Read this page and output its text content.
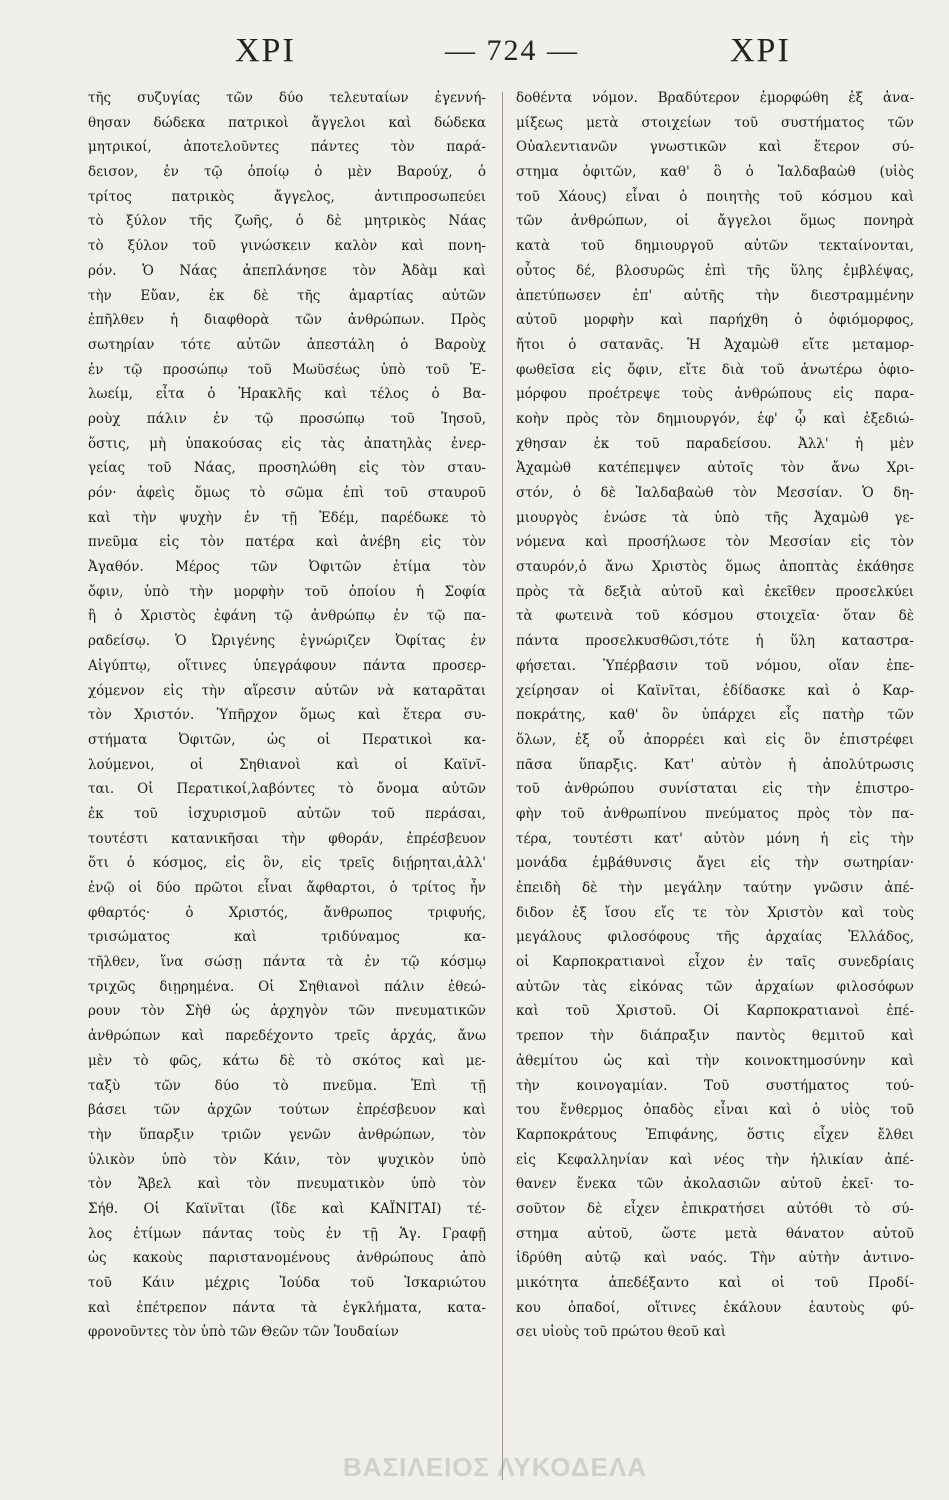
ΧΡΙ	— 724 —	ΧΡΙ
τῆς συζυγίας τῶν δύο τελευταίων ἐγεννή-
θησαν δώδεκα πατρικοὶ ἄγγελοι καὶ δώδεκα
μητρικοί, ἀποτελοῦντες πάντες τὸν παρά-
δεισον, ἐν τῷ ὁποίῳ ὁ μὲν Βαρούχ, ὁ
τρίτος πατρικὸς ἄγγελος, ἀντιπροσωπεύει
τὸ ξύλον τῆς ζωῆς, ὁ δὲ μητρικὸς Νάας
τὸ ξύλον τοῦ γινώσκειν καλὸν καὶ πονη-
ρόν. Ὁ Νάας ἀπεπλάνησε τὸν Ἀδὰμ καὶ
τὴν Εὔαν, ἐκ δὲ τῆς ἁμαρτίας αὐτῶν
ἐπῆλθεν ἡ διαφθορὰ τῶν ἀνθρώπων. Πρὸς
σωτηρίαν τότε αὐτῶν ἀπεστάλη ὁ Βαροὺχ
ἐν τῷ προσώπῳ τοῦ Μωϋσέως ὑπὸ τοῦ Ἐ-
λωείμ, εἶτα ὁ Ἡρακλῆς καὶ τέλος ὁ Βα-
ροὺχ πάλιν ἐν τῷ προσώπῳ τοῦ Ἰησοῦ,
ὅστις, μὴ ὑπακούσας εἰς τὰς ἀπατηλὰς ἐνερ-
γείας τοῦ Νάας, προσηλώθη εἰς τὸν σταυ-
ρόν· ἀφεὶς ὅμως τὸ σῶμα ἐπὶ τοῦ σταυροῦ
καὶ τὴν ψυχὴν ἐν τῇ Ἐδέμ, παρέδωκε τὸ
πνεῦμα εἰς τὸν πατέρα καὶ ἀνέβη εἰς τὸν
Ἀγαθόν. Μέρος τῶν Ὀφιτῶν ἐτίμα τὸν
ὄφιν, ὑπὸ τὴν μορφὴν τοῦ ὁποίου ἡ Σοφία
ἢ ὁ Χριστὸς ἐφάνη τῷ ἀνθρώπῳ ἐν τῷ πα-
ραδείσῳ. Ὁ Ὠριγένης ἐγνώριζεν Ὀφίτας ἐν
Αἰγύπτῳ, οἵτινες ὑπεγράφουν πάντα προσερ-
χόμενον εἰς τὴν αἵρεσιν αὐτῶν νὰ καταρᾶται
τὸν Χριστόν. Ὑπῆρχον ὅμως καὶ ἕτερα συ-
στήματα Ὀφιτῶν, ὡς οἱ Περατικοὶ κα-
λούμενοι, οἱ Σηθιανοὶ καὶ οἱ Καϊνῖ-
ται. Οἱ Περατικοί,λαβόντες τὸ ὄνομα αὐτῶν
ἐκ τοῦ ἰσχυρισμοῦ αὐτῶν τοῦ περάσαι,
τουτέστι κατανικῆσαι τὴν φθοράν, ἐπρέσβευον
ὅτι ὁ κόσμος, εἰς ὃν, εἰς τρεῖς διῄρηται,ἀλλ'
ἐνῷ οἱ δύο πρῶτοι εἶναι ἄφθαρτοι, ὁ τρίτος ἦν
φθαρτός· ὁ Χριστός, ἄνθρωπος τριφυής,
τρισώματος καὶ τριδύναμος κα-
τῆλθεν, ἵνα σώσῃ πάντα τὰ ἐν τῷ κόσμῳ
τριχῶς διῃρημένα. Οἱ Σηθιανοὶ πάλιν ἐθεώ-
ρουν τὸν Σὴθ ὡς ἀρχηγὸν τῶν πνευματικῶν
ἀνθρώπων καὶ παρεδέχοντο τρεῖς ἀρχάς, ἄνω
μὲν τὸ φῶς, κάτω δὲ τὸ σκότος καὶ με-
ταξὺ τῶν δύο τὸ πνεῦμα. Ἐπὶ τῇ
βάσει τῶν ἀρχῶν τούτων ἐπρέσβευον καὶ
τὴν ὕπαρξιν τριῶν γενῶν ἀνθρώπων, τὸν
ὑλικὸν ὑπὸ τὸν Κάιν, τὸν ψυχικὸν ὑπὸ
τὸν Ἄβελ καὶ τὸν πνευματικὸν ὑπὸ τὸν
Σήθ. Οἱ Καϊνῖται (ἴδε καὶ ΚΑΪΝΙΤΑΙ) τέ-
λος ἐτίμων πάντας τοὺς ἐν τῇ Ἁγ. Γραφῇ
ὡς κακοὺς παριστανομένους ἀνθρώπους ἀπὸ
τοῦ Κάιν μέχρις Ἰούδα τοῦ Ἰσκαριώτου
καὶ ἐπέτρεπον πάντα τὰ ἐγκλήματα, κατα-
φρονοῦντες τὸν ὑπὸ τῶν Θεῶν τῶν Ἰουδαίων
δοθέντα νόμον. Βραδύτερον ἐμορφώθη ἐξ ἀνα-
μίξεως μετὰ στοιχείων τοῦ συστήματος τῶν
Οὐαλεντιανῶν γνωστικῶν καὶ ἕτερον σύ-
στημα ὀφιτῶν, καθ' ὃ ὁ Ἰαλδαβαὼθ (υἱὸς
τοῦ Χάους) εἶναι ὁ ποιητὴς τοῦ κόσμου καὶ
τῶν ἀνθρώπων, οἱ ἄγγελοι ὅμως πονηρὰ
κατὰ τοῦ δημιουργοῦ αὐτῶν τεκταίνονται,
οὗτος δέ, βλοσυρῶς ἐπὶ τῆς ὕλης ἐμβλέψας,
ἀπετύπωσεν ἐπ' αὐτῆς τὴν διεστραμμένην
αὐτοῦ μορφὴν καὶ παρήχθη ὁ ὀφιόμορφος,
ἤτοι ὁ σατανᾶς. Ἡ Ἀχαμὼθ εἴτε μεταμορ-
φωθεῖσα εἰς ὄφιν, εἴτε διὰ τοῦ ἀνωτέρω ὀφιο-
μόρφου προέτρεψε τοὺς ἀνθρώπους εἰς παρα-
κοὴν πρὸς τὸν δημιουργόν, ἐφ' ᾧ καὶ ἐξεδιώ-
χθησαν ἐκ τοῦ παραδείσου. Ἀλλ' ἡ μὲν
Ἀχαμὼθ κατέπεμψεν αὐτοῖς τὸν ἄνω Χρι-
στόν, ὁ δὲ Ἰαλδαβαὼθ τὸν Μεσσίαν. Ὁ δη-
μιουργὸς ἑνώσε τὰ ὑπὸ τῆς Ἀχαμὼθ γε-
νόμενα καὶ προσήλωσε τὸν Μεσσίαν εἰς τὸν
σταυρόν,ὁ ἄνω Χριστὸς ὅμως ἀποπτὰς ἐκάθησε
πρὸς τὰ δεξιὰ αὐτοῦ καὶ ἐκεῖθεν προσελκύει
τὰ φωτεινὰ τοῦ κόσμου στοιχεῖα· ὅταν δὲ
πάντα προσελκυσθῶσι,τότε ἡ ὕλη καταστρα-
φήσεται. Ὑπέρβασιν τοῦ νόμου, οἵαν ἐπε-
χείρησαν οἱ Καϊνῖται, ἐδίδασκε καὶ ὁ Καρ-
ποκράτης, καθ' ὃν ὑπάρχει εἷς πατὴρ τῶν
ὅλων, ἐξ οὗ ἀπορρέει καὶ εἰς ὃν ἐπιστρέφει
πᾶσα ὕπαρξις. Κατ' αὐτὸν ἡ ἀπολύτρωσις
τοῦ ἀνθρώπου συνίσταται εἰς τὴν ἐπιστρο-
φὴν τοῦ ἀνθρωπίνου πνεύματος πρὸς τὸν πα-
τέρα, τουτέστι κατ' αὐτὸν μόνη ἡ εἰς τὴν
μονάδα ἐμβάθυνσις ἄγει εἰς τὴν σωτηρίαν·
ἐπειδὴ δὲ τὴν μεγάλην ταύτην γνῶσιν ἀπέ-
διδον ἐξ ἴσου εἴς τε τὸν Χριστὸν καὶ τοὺς
μεγάλους φιλοσόφους τῆς ἀρχαίας Ἑλλάδος,
οἱ Καρποκρατιανοὶ εἶχον ἐν ταῖς συνεδρίαις
αὐτῶν τὰς εἰκόνας τῶν ἀρχαίων φιλοσόφων
καὶ τοῦ Χριστοῦ. Οἱ Καρποκρατιανοὶ ἐπέ-
τρεπον τὴν διάπραξιν παντὸς θεμιτοῦ καὶ
ἀθεμίτου ὡς καὶ τὴν κοινοκτημοσύνην καὶ
τὴν κοινογαμίαν. Τοῦ συστήματος τού-
του ἔνθερμος ὀπαδὸς εἶναι καὶ ὁ υἱὸς τοῦ
Καρποκράτους Ἐπιφάνης, ὅστις εἶχεν ἔλθει
εἰς Κεφαλληνίαν καὶ νέος τὴν ἡλικίαν ἀπέ-
θανεν ἕνεκα τῶν ἀκολασιῶν αὐτοῦ ἐκεῖ· το-
σοῦτον δὲ εἶχεν ἐπικρατήσει αὐτόθι τὸ σύ-
στημα αὐτοῦ, ὥστε μετὰ θάνατον αὐτοῦ
ἱδρύθη αὐτῷ καὶ ναός. Τὴν αὐτὴν ἀντινο-
μικότητα ἀπεδέξαντο καὶ οἱ τοῦ Προδί-
κου ὀπαδοί, οἵτινες ἐκάλουν ἑαυτοὺς φύ-
σει υἱοὺς τοῦ πρώτου θεοῦ καὶ
ΒΑΣΙΛΕΙΟΣ ΛΥΚΟΔΕΛΑ
